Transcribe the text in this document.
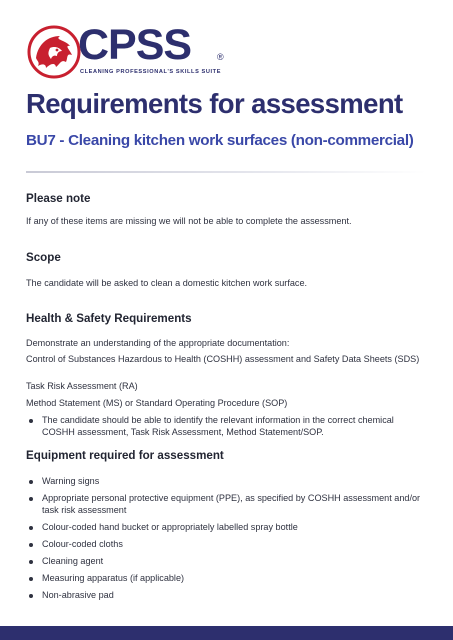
CPSS	®
CLEANING PROFESSIONAL'S SKILLS SUITE
Requirements for assessment
BU7 - Cleaning kitchen work surfaces (non-commercial)
Please note

If any of these items are missing we will not be able to complete the assessment.

Scope

The candidate will be asked to clean a domestic kitchen work surface.

Health & Safety Requirements

Demonstrate an understanding of the appropriate documentation:

Control of Substances Hazardous to Health (COSHH) assessment and Safety Data Sheets (SDS)

Task Risk Assessment (RA)

Method Statement (MS) or Standard Operating Procedure (SOP)

The candidate should be able to identify the relevant information in the correct chemical COSHH assessment, Task Risk Assessment, Method Statement/SOP.
Equipment required for assessment
Warning signs
Appropriate personal protective equipment (PPE), as specified by COSHH assessment and/or task risk assessment
Colour-coded hand bucket or appropriately labelled spray bottle
Colour-coded cloths
Cleaning agent
Measuring apparatus (if applicable)
Non-abrasive pad
